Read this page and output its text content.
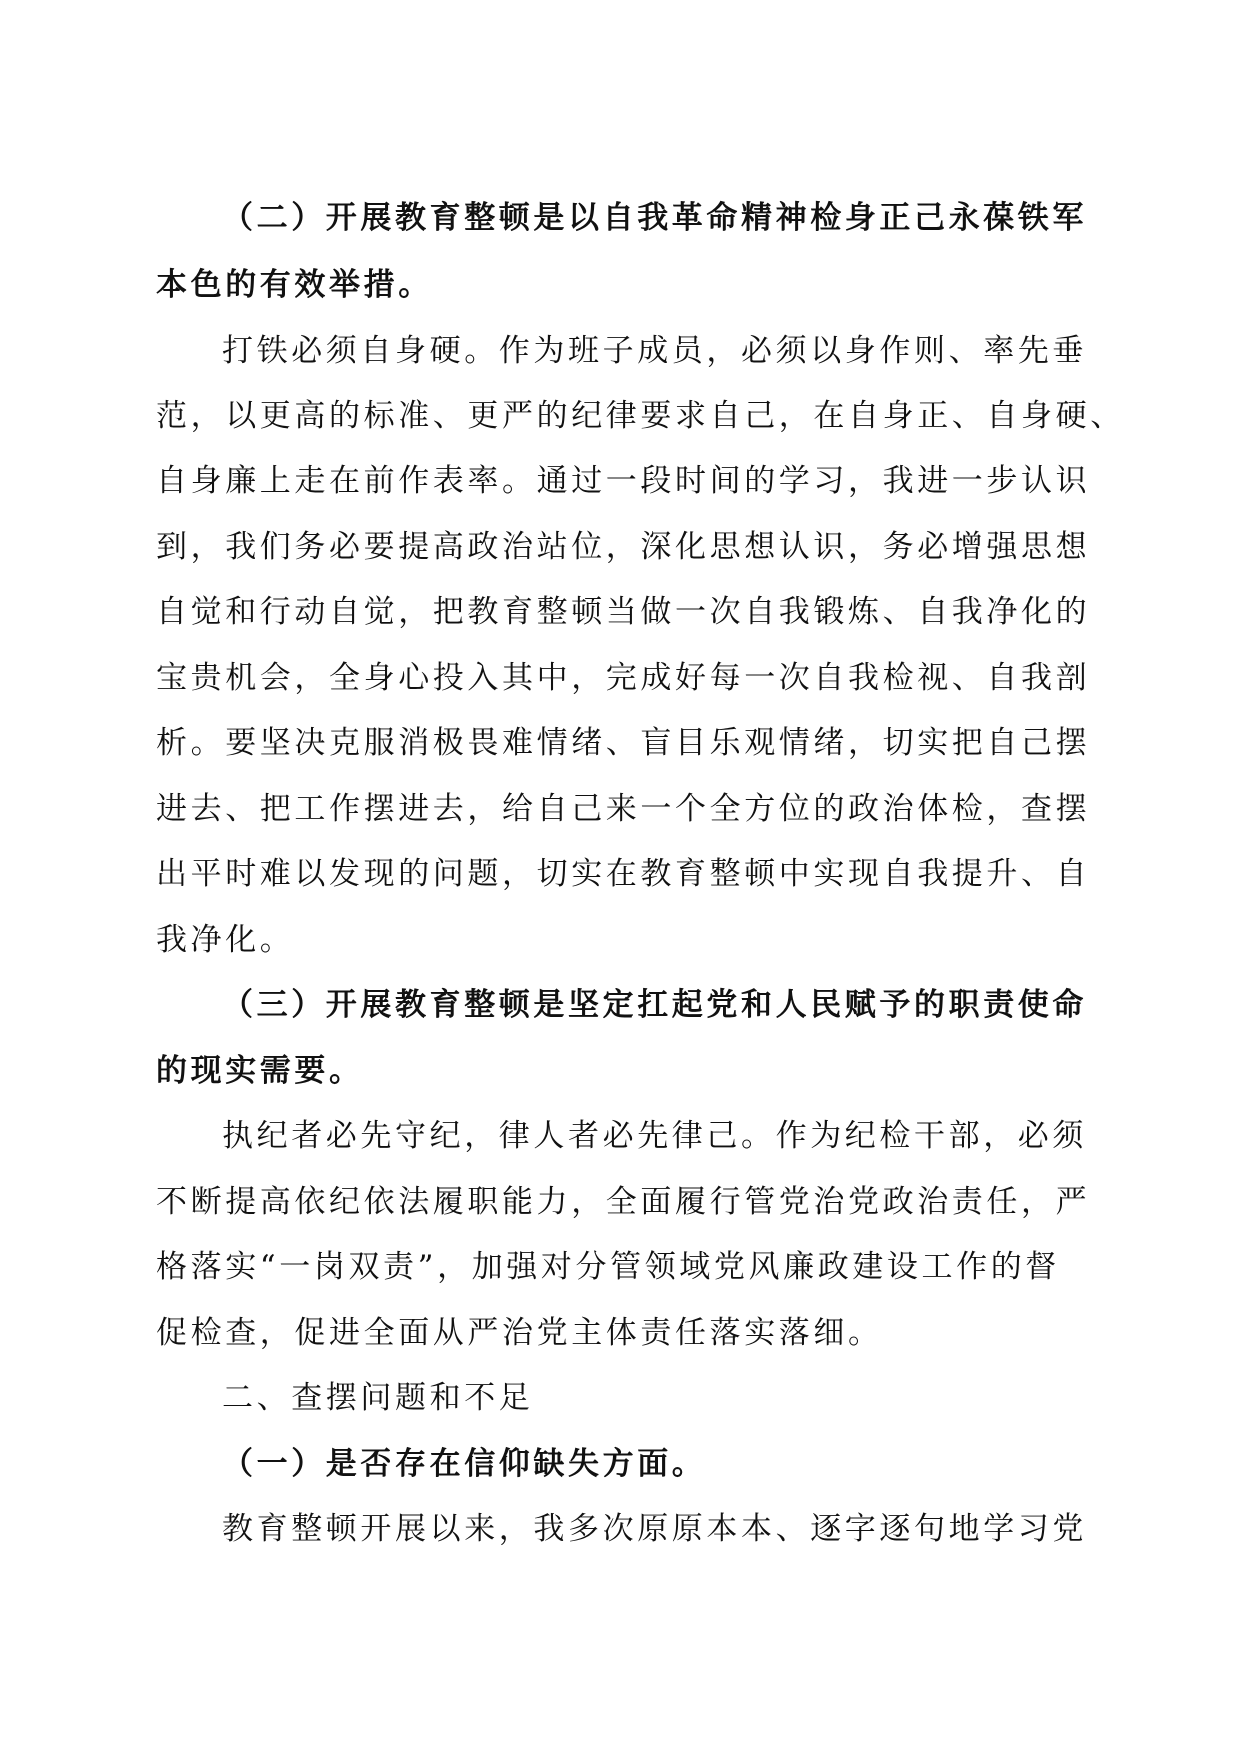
（二）开展教育整顿是以自我革命精神检身正己永葆铁军
本色的有效举措。
打铁必须自身硬。作为班子成员，必须以身作则、率先垂
范，以更高的标准、更严的纪律要求自己，在自身正、自身硬、
自身廉上走在前作表率。通过一段时间的学习，我进一步认识
到，我们务必要提高政治站位，深化思想认识，务必增强思想
自觉和行动自觉，把教育整顿当做一次自我锻炼、自我净化的
宝贵机会，全身心投入其中，完成好每一次自我检视、自我剖
析。要坚决克服消极畏难情绪、盲目乐观情绪，切实把自己摆
进去、把工作摆进去，给自己来一个全方位的政治体检，查摆
出平时难以发现的问题，切实在教育整顿中实现自我提升、自
我净化。
（三）开展教育整顿是坚定扛起党和人民赋予的职责使命
的现实需要。
执纪者必先守纪，律人者必先律己。作为纪检干部，必须
不断提高依纪依法履职能力，全面履行管党治党政治责任，严
格落实“一岗双责”，加强对分管领域党风廉政建设工作的督
促检查，促进全面从严治党主体责任落实落细。
二、查摆问题和不足
（一）是否存在信仰缺失方面。
教育整顿开展以来，我多次原原本本、逐字逐句地学习党
